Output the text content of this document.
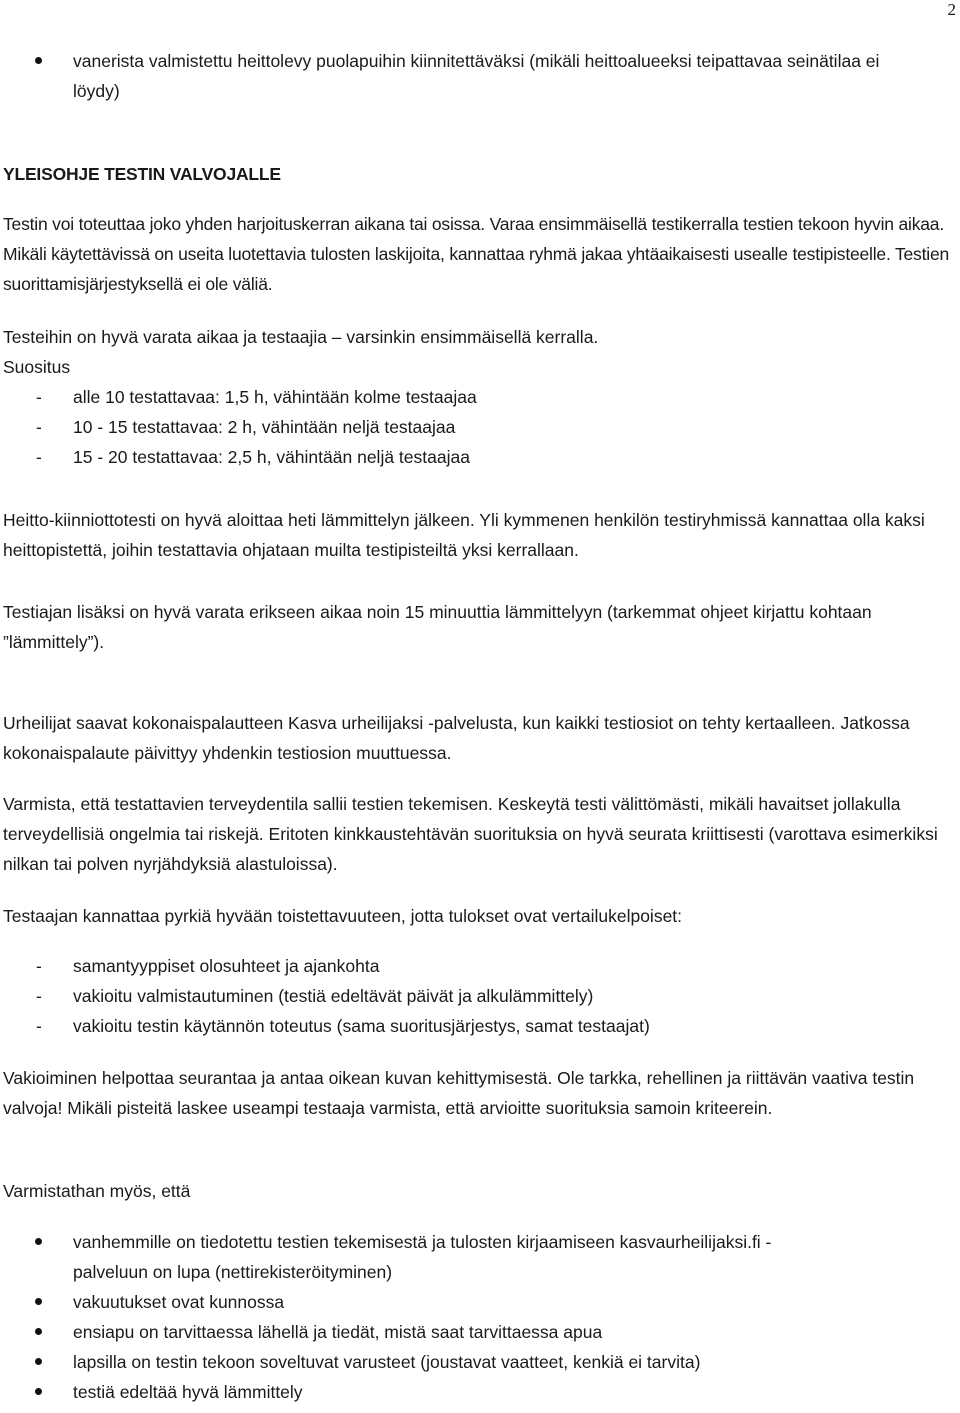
2

vanerista valmistettu heittolevy puolapuihin kiinnitettäväksi (mikäli heittoalueeksi teipattavaa seinätilaa ei löydy)

YLEISOHJE TESTIN VALVOJALLE

Testin voi toteuttaa joko yhden harjoituskerran aikana tai osissa. Varaa ensimmäisellä testikerralla testien tekoon hyvin aikaa. Mikäli käytettävissä on useita luotettavia tulosten laskijoita, kannattaa ryhmä jakaa yhtäaikaisesti usealle testipisteelle. Testien suorittamisjärjestyksellä ei ole väliä.

Testeihin on hyvä varata aikaa ja testaajia – varsinkin ensimmäisellä kerralla.

Suositus

- alle 10 testattavaa: 1,5 h, vähintään kolme testaajaa

- 10 - 15 testattavaa: 2 h, vähintään neljä testaajaa

- 15 - 20 testattavaa: 2,5 h, vähintään neljä testaajaa

Heitto-kiinniottotesti on hyvä aloittaa heti lämmittelyn jälkeen. Yli kymmenen henkilön testiryhmissä kannattaa olla kaksi heittopistettä, joihin testattavia ohjataan muilta testipisteiltä yksi kerrallaan.

Testiajan lisäksi on hyvä varata erikseen aikaa noin 15 minuuttia lämmittelyyn (tarkemmat ohjeet kirjattu kohtaan ”lämmittely”).

Urheilijat saavat kokonaispalautteen Kasva urheilijaksi -palvelusta, kun kaikki testiosiot on tehty kertaalleen. Jatkossa kokonaispalaute päivittyy yhdenkin testiosion muuttuessa.

Varmista, että testattavien terveydentila sallii testien tekemisen. Keskeytä testi välittömästi, mikäli havaitset jollakulla terveydellisiä ongelmia tai riskejä. Eritoten kinkkaustehtävän suorituksia on hyvä seurata kriittisesti (varottava esimerkiksi nilkan tai polven nyrjähdyksiä alastuloissa).

Testaajan kannattaa pyrkiä hyvään toistettavuuteen, jotta tulokset ovat vertailukelpoiset:

- samantyyppiset olosuhteet ja ajankohta

- vakioitu valmistautuminen (testiä edeltävät päivät ja alkulämmittely)

- vakioitu testin käytännön toteutus (sama suoritusjärjestys, samat testaajat)

Vakioiminen helpottaa seurantaa ja antaa oikean kuvan kehittymisestä. Ole tarkka, rehellinen ja riittävän vaativa testin valvoja! Mikäli pisteitä laskee useampi testaaja varmista, että arvioitte suorituksia samoin kriteerein.

Varmistathan myös, että

vanhemmille on tiedotettu testien tekemisestä ja tulosten kirjaamiseen kasvaurheilijaksi.fi -palveluun on lupa (nettirekisteröityminen)

vakuutukset ovat kunnossa

ensiapu on tarvittaessa lähellä ja tiedät, mistä saat tarvittaessa apua

lapsilla on testin tekoon soveltuvat varusteet (joustavat vaatteet, kenkiä ei tarvita)

testiä edeltää hyvä lämmittely
